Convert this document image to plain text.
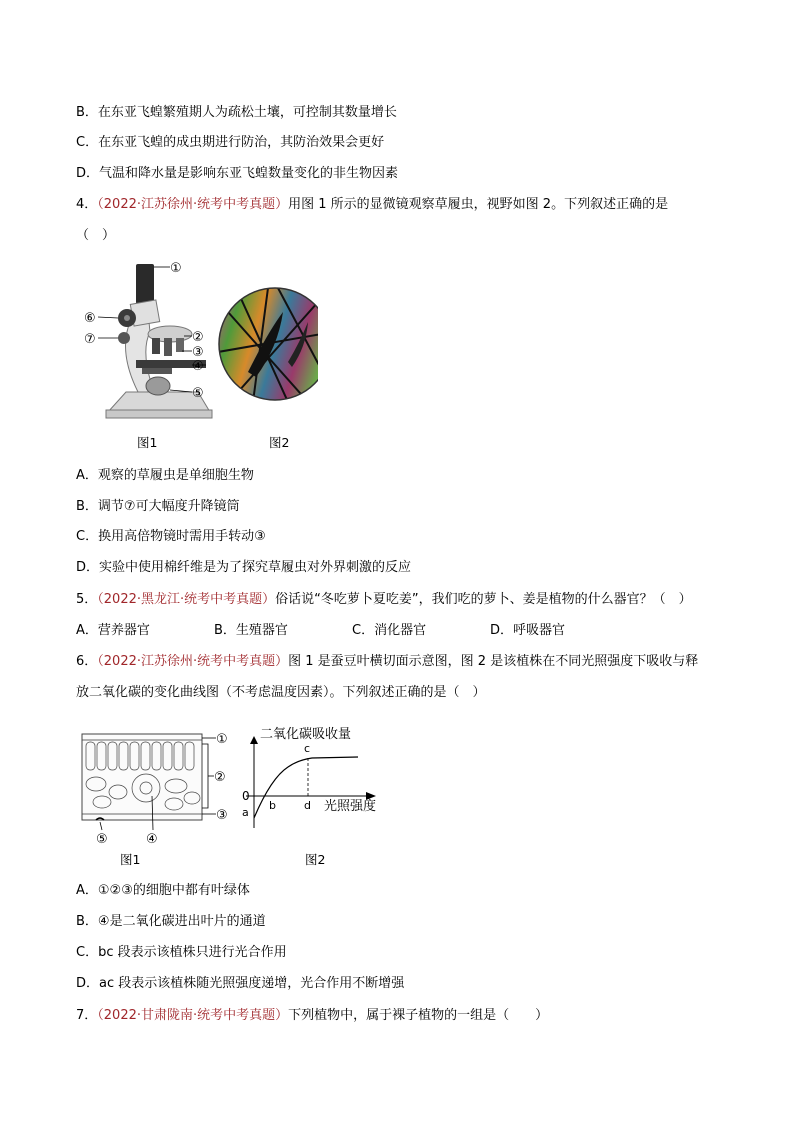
B．在东亚飞蝗繁殖期人为疏松土壤，可控制其数量增长
C．在东亚飞蝗的成虫期进行防治，其防治效果会更好
D．气温和降水量是影响东亚飞蝗数量变化的非生物因素
4．（2022·江苏徐州·统考中考真题）用图 1 所示的显微镜观察草履虫，视野如图 2。下列叙述正确的是
（　）
①
②
③
④
⑤
⑥
⑦
图1	图2
A．观察的草履虫是单细胞生物
B．调节⑦可大幅度升降镜筒
C．换用高倍物镜时需用手转动③
D．实验中使用棉纤维是为了探究草履虫对外界刺激的反应
5．（2022·黑龙江·统考中考真题）俗话说“冬吃萝卜夏吃姜”，我们吃的萝卜、姜是植物的什么器官？（　）
A．营养器官	B．生殖器官	C．消化器官	D．呼吸器官
6．（2022·江苏徐州·统考中考真题）图 1 是蚕豆叶横切面示意图，图 2 是该植株在不同光照强度下吸收与释
放二氧化碳的变化曲线图（不考虑温度因素）。下列叙述正确的是（　）
①
②
③
④
⑤
二氧化碳吸收量
光照强度
0
a
b
c
d
图1	图2
A．①②③的细胞中都有叶绿体
B．④是二氧化碳进出叶片的通道
C．bc 段表示该植株只进行光合作用
D．ac 段表示该植株随光照强度递增，光合作用不断增强
7．（2022·甘肃陇南·统考中考真题）下列植物中，属于裸子植物的一组是（　　）
